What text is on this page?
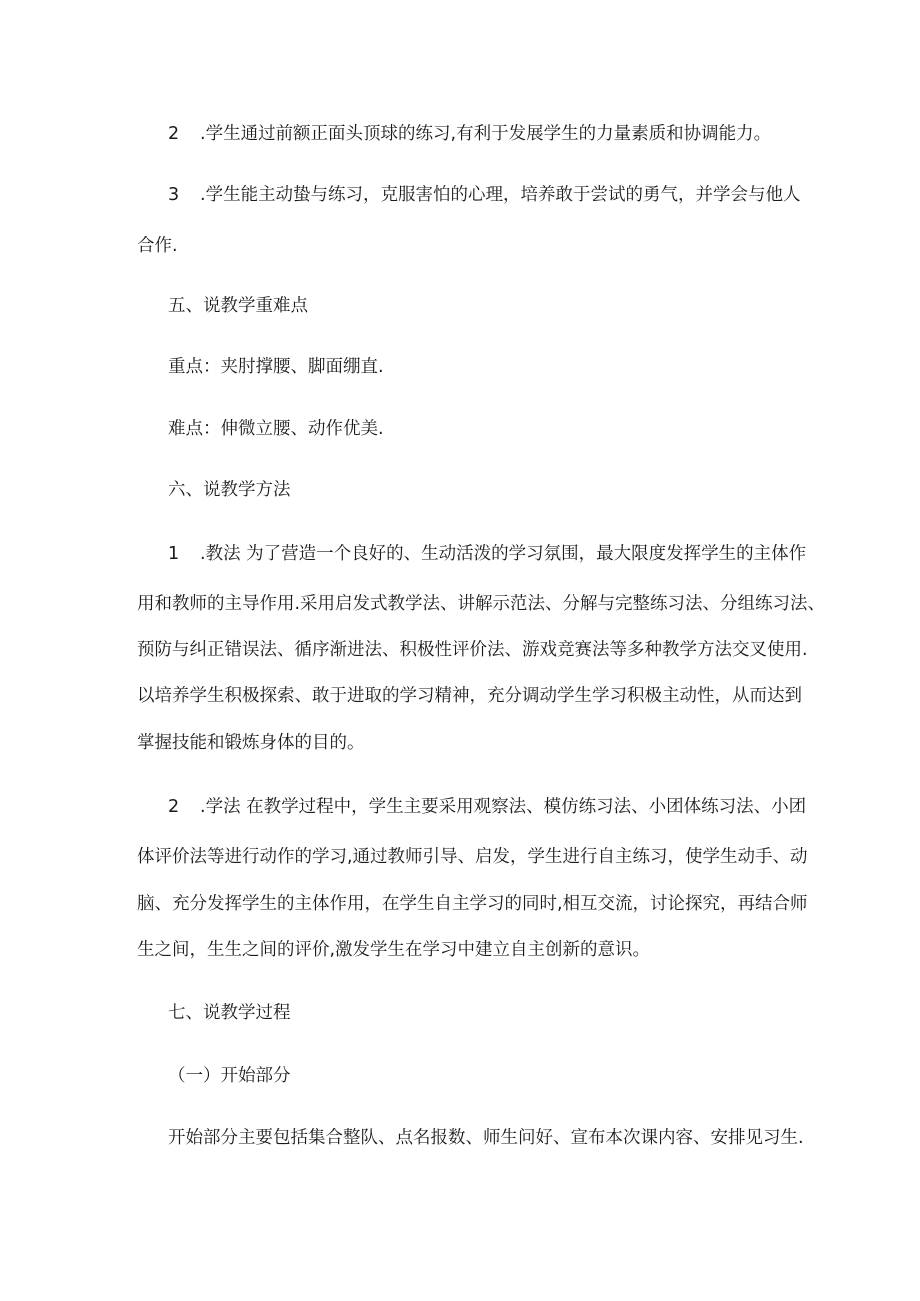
2 .学生通过前额正面头顶球的练习,有利于发展学生的力量素质和协调能力。
3 .学生能主动蛰与练习，克服害怕的心理，培养敢于尝试的勇气，并学会与他人
合作.
五、说教学重难点
重点：夹肘撑腰、脚面绷直.
难点：伸微立腰、动作优美.
六、说教学方法
1 .教法 为了营造一个良好的、生动活泼的学习氛围，最大限度发挥学生的主体作
用和教师的主导作用.采用启发式教学法、讲解示范法、分解与完整练习法、分组练习法、
预防与纠正错误法、循序渐进法、积极性评价法、游戏竞赛法等多种教学方法交叉使用.
以培养学生积极探索、敢于进取的学习精神，充分调动学生学习积极主动性，从而达到
掌握技能和锻炼身体的目的。
2 .学法 在教学过程中，学生主要采用观察法、模仿练习法、小团体练习法、小团
体评价法等进行动作的学习,通过教师引导、启发，学生进行自主练习，使学生动手、动
脑、充分发挥学生的主体作用，在学生自主学习的同时,相互交流，讨论探究，再结合师
生之间，生生之间的评价,激发学生在学习中建立自主创新的意识。
七、说教学过程
（一）开始部分
开始部分主要包括集合整队、点名报数、师生问好、宣布本次课内容、安排见习生.
